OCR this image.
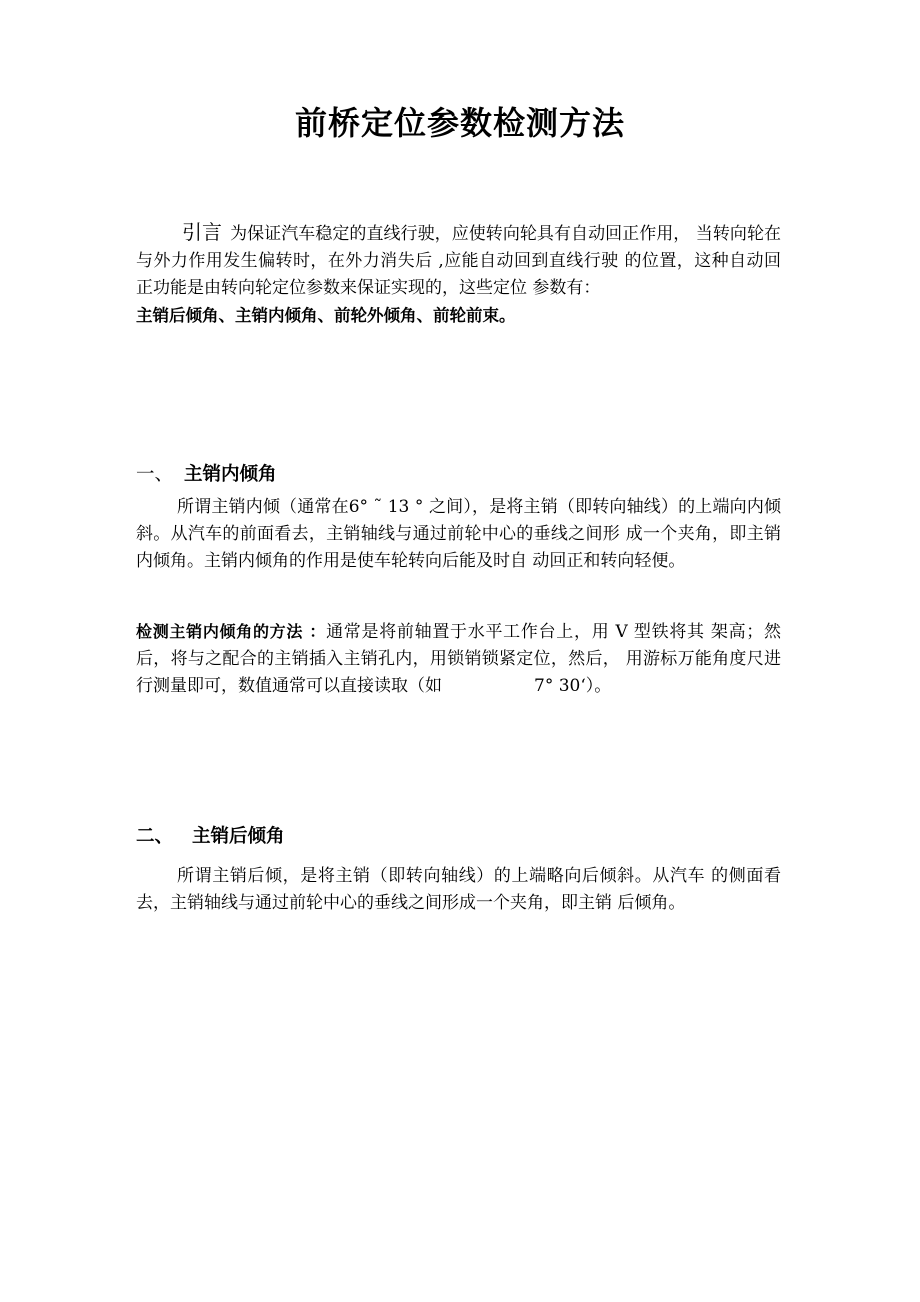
前桥定位参数检测方法

引言 为保证汽车稳定的直线行驶，应使转向轮具有自动回正作用， 当转向轮在与外力作用发生偏转时，在外力消失后 ,应能自动回到直线行驶 的位置，这种自动回正功能是由转向轮定位参数来保证实现的，这些定位 参数有：
主销后倾角、主销内倾角、前轮外倾角、前轮前束。

一、 主销内倾角

所谓主销内倾（通常在6° ˜ 13 ° 之间），是将主销（即转向轴线）的上端向内倾斜。从汽车的前面看去，主销轴线与通过前轮中心的垂线之间形 成一个夹角，即主销内倾角。主销内倾角的作用是使车轮转向后能及时自 动回正和转向轻便。

检测主销内倾角的方法 ：通常是将前轴置于水平工作台上，用 V 型铁将其 架高；然后，将与之配合的主销插入主销孔内，用锁销锁紧定位，然后， 用游标万能角度尺进行测量即可，数值通常可以直接读取（如	7° 30‘）。

二、 主销后倾角

所谓主销后倾，是将主销（即转向轴线）的上端略向后倾斜。从汽车 的侧面看去，主销轴线与通过前轮中心的垂线之间形成一个夹角，即主销 后倾角。
